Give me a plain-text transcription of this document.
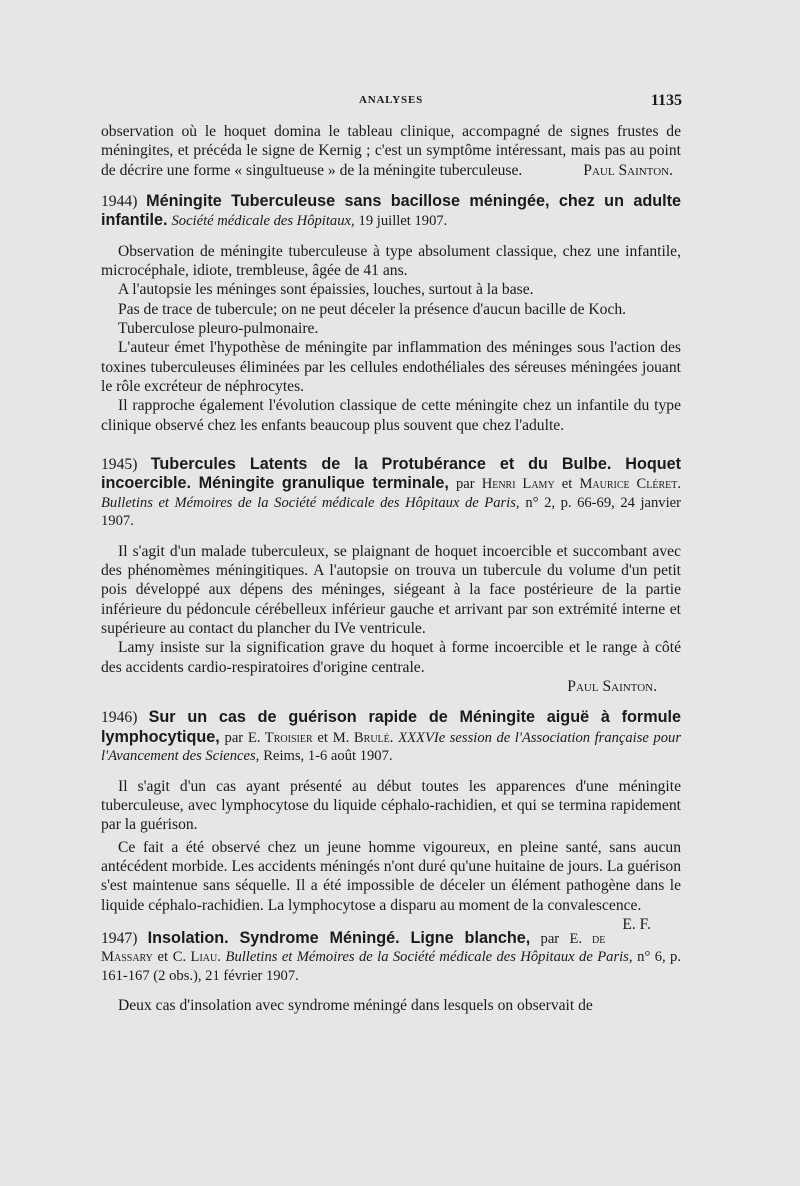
ANALYSES	1135

observation où le hoquet domina le tableau clinique, accompagné de signes frustes de méningites, et précéda le signe de Kernig ; c'est un symptôme intéressant, mais pas au point de décrire une forme « singultueuse » de la méningite tuberculeuse.	Paul Sainton.

1944) Méningite Tuberculeuse sans bacillose méningée, chez un adulte infantile. Société médicale des Hôpitaux, 19 juillet 1907.

Observation de méningite tuberculeuse à type absolument classique, chez une infantile, microcéphale, idiote, trembleuse, âgée de 41 ans.

A l'autopsie les méninges sont épaissies, louches, surtout à la base.

Pas de trace de tubercule; on ne peut déceler la présence d'aucun bacille de Koch.

Tuberculose pleuro-pulmonaire.

L'auteur émet l'hypothèse de méningite par inflammation des méninges sous l'action des toxines tuberculeuses éliminées par les cellules endothéliales des séreuses méningées jouant le rôle excréteur de néphrocytes.

Il rapproche également l'évolution classique de cette méningite chez un infantile du type clinique observé chez les enfants beaucoup plus souvent que chez l'adulte.

1945) Tubercules Latents de la Protubérance et du Bulbe. Hoquet incoercible. Méningite granulique terminale, par Henri Lamy et Maurice Cléret. Bulletins et Mémoires de la Société médicale des Hôpitaux de Paris, n° 2, p. 66-69, 24 janvier 1907.

Il s'agit d'un malade tuberculeux, se plaignant de hoquet incoercible et succombant avec des phénomèmes méningitiques. A l'autopsie on trouva un tubercule du volume d'un petit pois développé aux dépens des méninges, siégeant à la face postérieure de la partie inférieure du pédoncule cérébelleux inférieur gauche et arrivant par son extrémité interne et supérieure au contact du plancher du IVe ventricule.

Lamy insiste sur la signification grave du hoquet à forme incoercible et le range à côté des accidents cardio-respiratoires d'origine centrale.

Paul Sainton.

1946) Sur un cas de guérison rapide de Méningite aiguë à formule lymphocytique, par E. Troisier et M. Brulé. XXXVIe session de l'Association française pour l'Avancement des Sciences, Reims, 1-6 août 1907.

Il s'agit d'un cas ayant présenté au début toutes les apparences d'une méningite tuberculeuse, avec lymphocytose du liquide céphalo-rachidien, et qui se termina rapidement par la guérison.

Ce fait a été observé chez un jeune homme vigoureux, en pleine santé, sans aucun antécédent morbide. Les accidents méningés n'ont duré qu'une huitaine de jours. La guérison s'est maintenue sans séquelle. Il a été impossible de déceler un élément pathogène dans le liquide céphalo-rachidien. La lymphocytose a disparu au moment de la convalescence.
E. F.

1947) Insolation. Syndrome Méningé. Ligne blanche, par E. de Massary et C. Liau. Bulletins et Mémoires de la Société médicale des Hôpitaux de Paris, n° 6, p. 161-167 (2 obs.), 21 février 1907.

Deux cas d'insolation avec syndrome méningé dans lesquels on observait de
